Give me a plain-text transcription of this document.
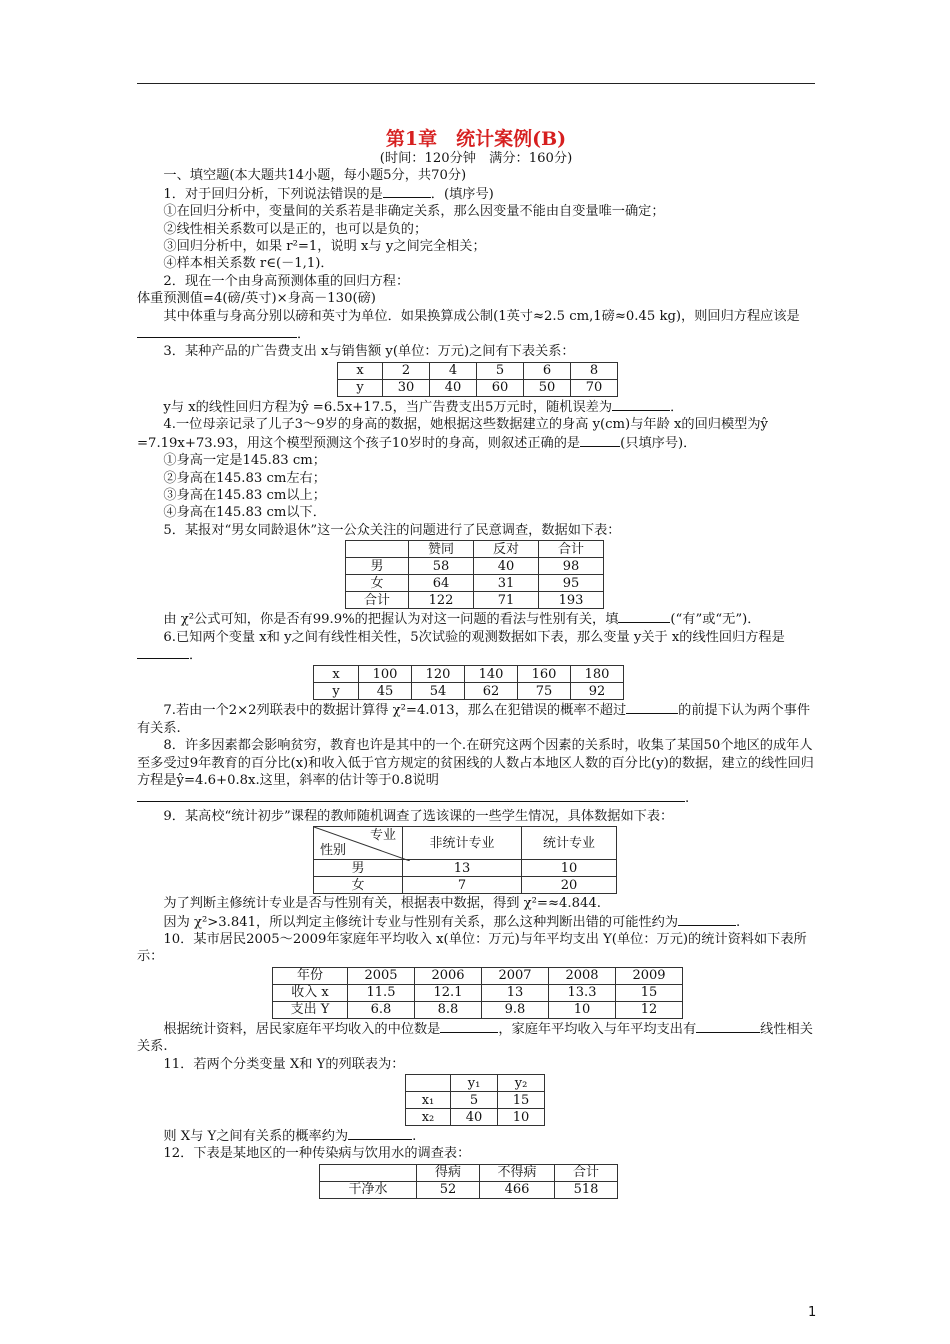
第1章　统计案例(B)

(时间：120分钟　满分：160分)

一、填空题(本大题共14小题，每小题5分，共70分)

1．对于回归分析，下列说法错误的是	．(填序号)

①在回归分析中，变量间的关系若是非确定关系，那么因变量不能由自变量唯一确定；

②线性相关系数可以是正的，也可以是负的；

③回归分析中，如果 r²=1，说明 x与 y之间完全相关；

④样本相关系数 r∈(－1,1)．

2．现在一个由身高预测体重的回归方程：

体重预测值=4(磅/英寸)×身高－130(磅)

其中体重与身高分别以磅和英寸为单位．如果换算成公制(1英寸≈2.5 cm,1磅≈0.45 kg)，则回归方程应该是．

3．某种产品的广告费支出 x与销售额 y(单位：万元)之间有下表关系：

x	2	4	5	6	8
y	30	40	60	50	70

y与 x的线性回归方程为ŷ =6.5x+17.5，当广告费支出5万元时，随机误差为	．

4.一位母亲记录了儿子3～9岁的身高的数据，她根据这些数据建立的身高 y(cm)与年龄 x的回归模型为ŷ =7.19x+73.93，用这个模型预测这个孩子10岁时的身高，则叙述正确的是	(只填序号)．

①身高一定是145.83 cm；

②身高在145.83 cm左右；

③身高在145.83 cm以上；

④身高在145.83 cm以下．

5．某报对“男女同龄退休”这一公众关注的问题进行了民意调查，数据如下表：

	赞同	反对	合计
男	58	40	98
女	64	31	95
合计	122	71	193

由 χ²公式可知，你是否有99.9%的把握认为对这一问题的看法与性别有关，填	(“有”或“无”)．

6.已知两个变量 x和 y之间有线性相关性，5次试验的观测数据如下表，那么变量 y关于 x的线性回归方程是．

x	100	120	140	160	180
y	45	54	62	75	92

7.若由一个2×2列联表中的数据计算得 χ²=4.013，那么在犯错误的概率不超过	的前提下认为两个事件有关系.

8．许多因素都会影响贫穷，教育也许是其中的一个.在研究这两个因素的关系时，收集了某国50个地区的成年人至多受过9年教育的百分比(x)和收入低于官方规定的贫困线的人数占本地区人数的百分比(y)的数据，建立的线性回归方程是ŷ=4.6+0.8x.这里，斜率的估计等于0.8说明.

9．某高校“统计初步”课程的教师随机调查了选该课的一些学生情况，具体数据如下表：

专业
性别	非统计专业	统计专业
男	13	10
女	7	20

为了判断主修统计专业是否与性别有关，根据表中数据，得到 χ²=≈4.844.

因为 χ²>3.841，所以判定主修统计专业与性别有关系，那么这种判断出错的可能性约为	.

10．某市居民2005～2009年家庭年平均收入 x(单位：万元)与年平均支出 Y(单位：万元)的统计资料如下表所示：

年份	2005	2006	2007	2008	2009
收入 x	11.5	12.1	13	13.3	15
支出 Y	6.8	8.8	9.8	10	12

根据统计资料，居民家庭年平均收入的中位数是	，家庭年平均收入与年平均支出有	线性相关关系.

11．若两个分类变量 X和 Y的列联表为：

	y₁	y₂
x₁	5	15
x₂	40	10

则 X与 Y之间有关系的概率约为	.

12．下表是某地区的一种传染病与饮用水的调查表：

	得病	不得病	合计
干净水	52	466	518
1
